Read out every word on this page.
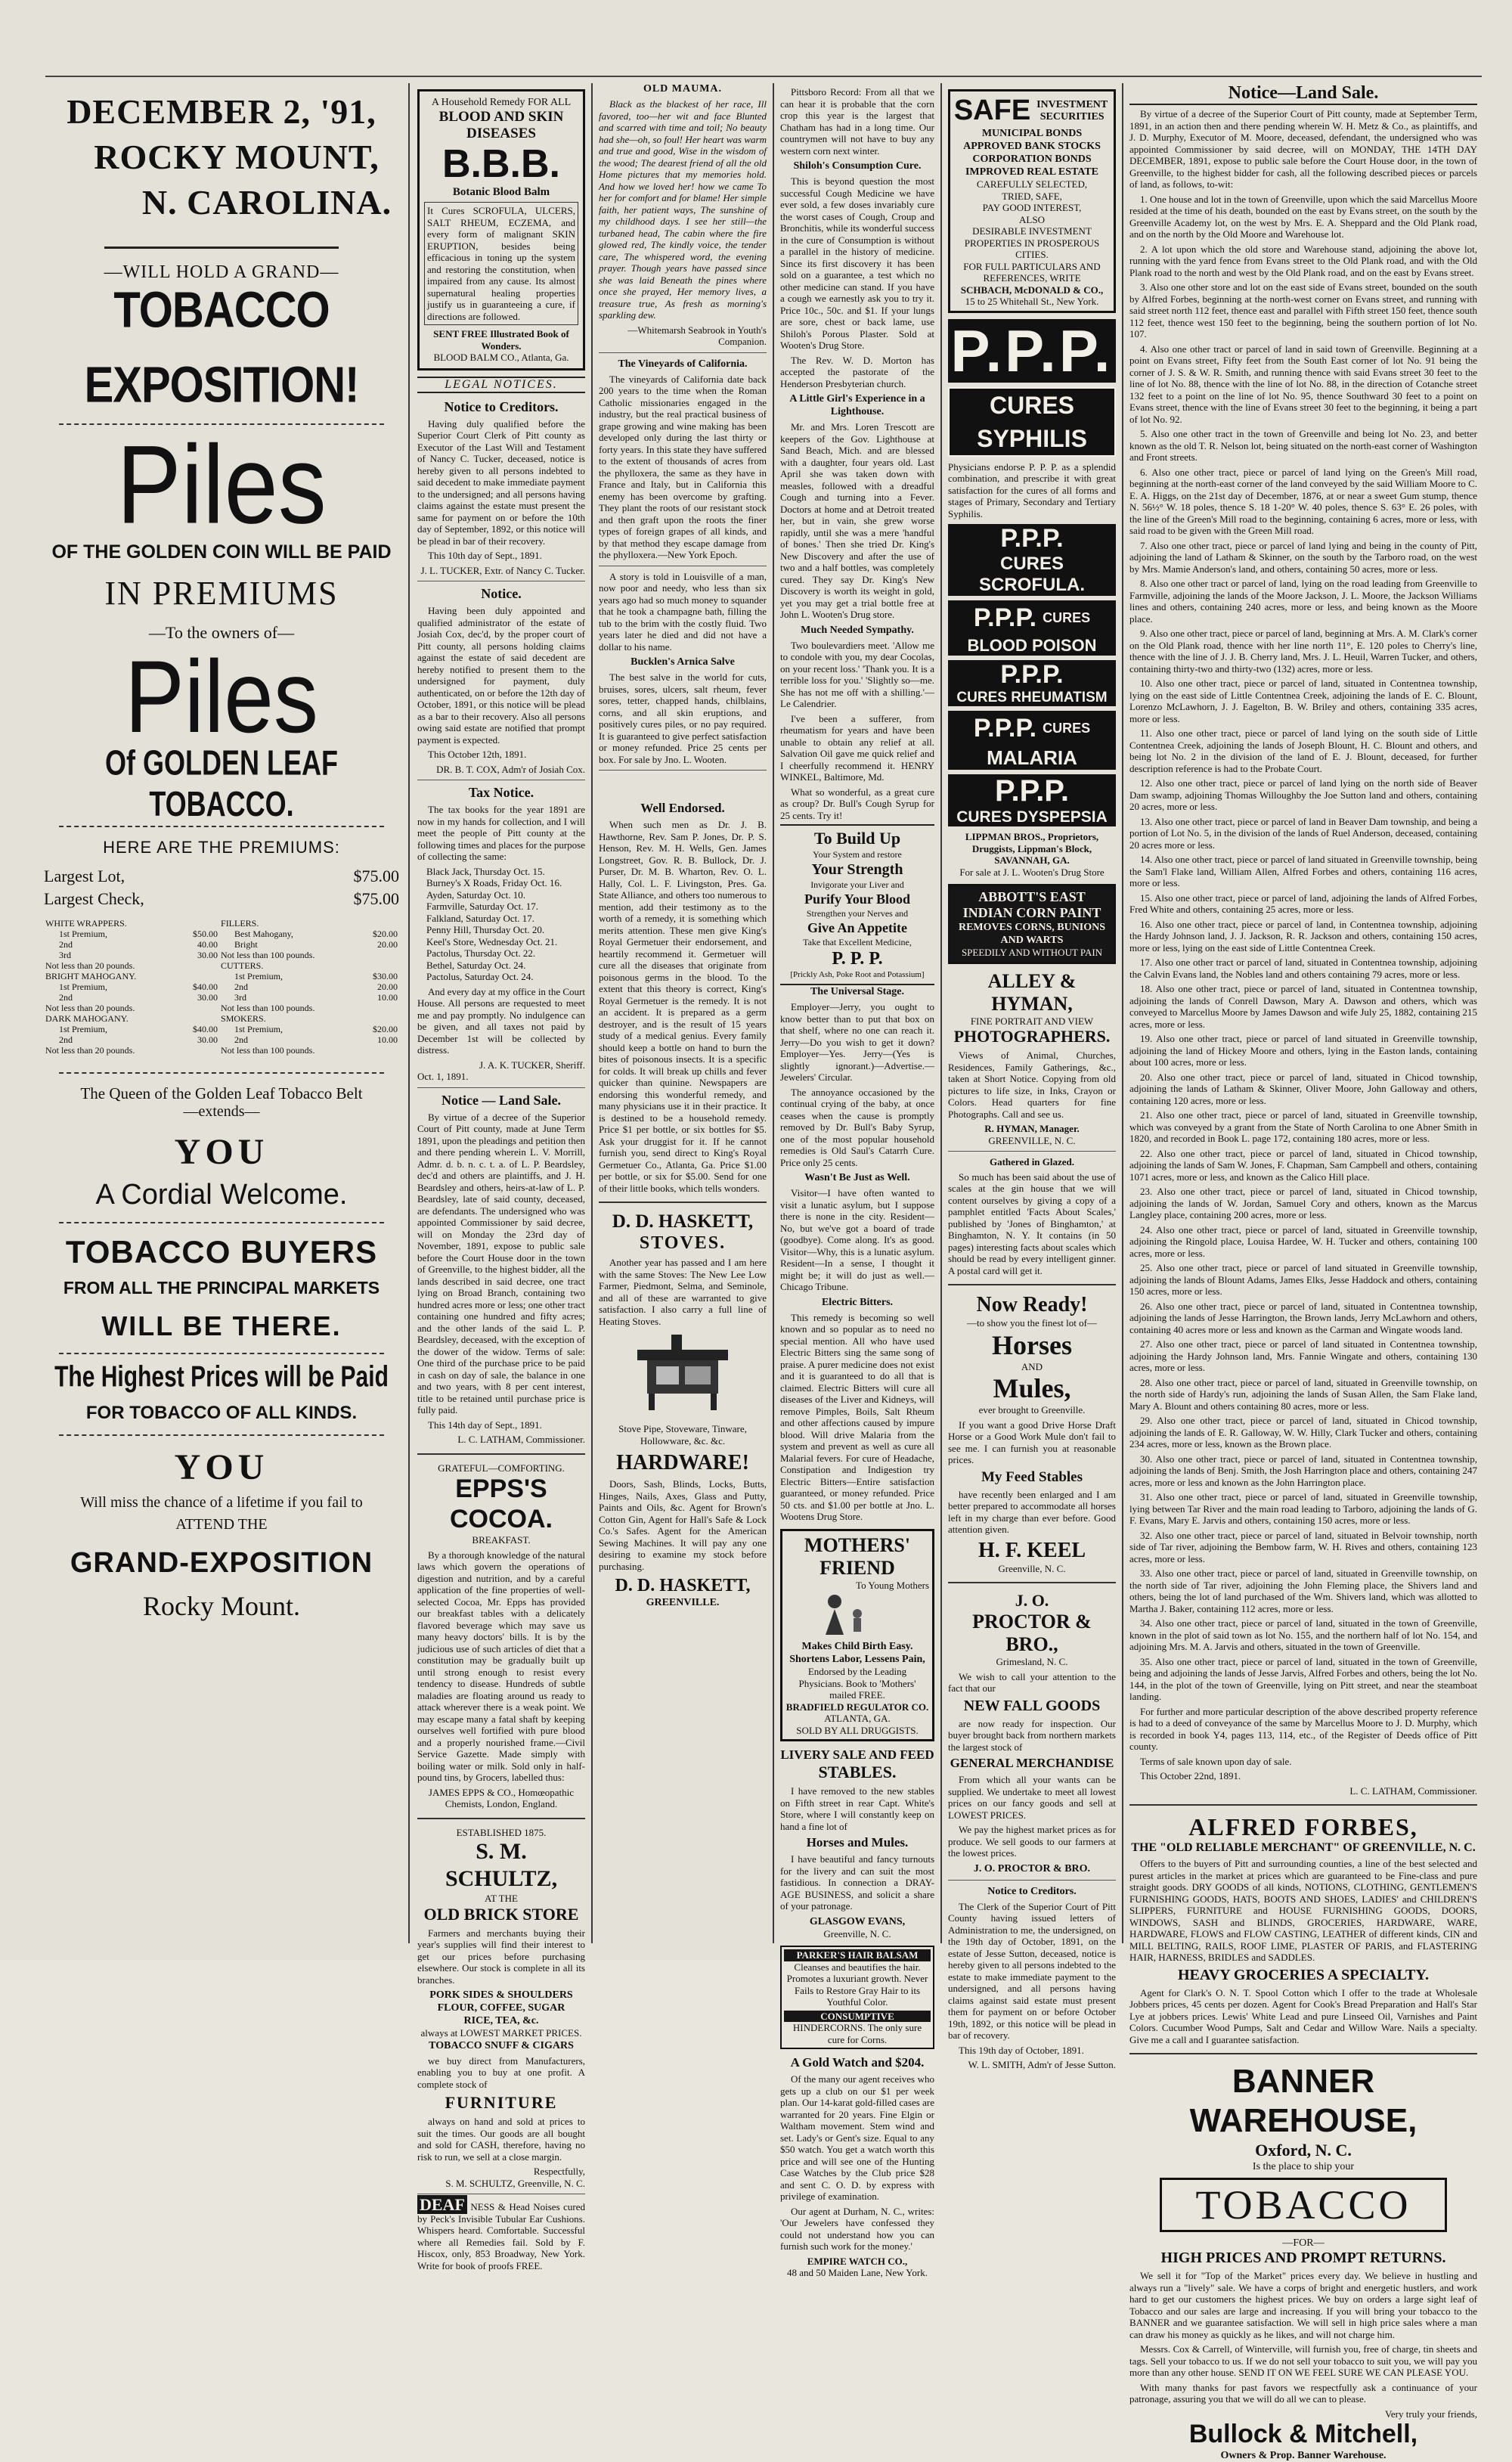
DECEMBER 2, '91,
ROCKY MOUNT,
N. CAROLINA.
—WILL HOLD A GRAND—
TOBACCO EXPOSITION!
Piles
OF THE GOLDEN COIN WILL BE PAID
IN PREMIUMS
—To the owners of—
Piles
Of GOLDEN LEAF TOBACCO.
HERE ARE THE PREMIUMS:
Largest Lot,	$75.00
Largest Check,	$75.00
WHITE WRAPPERS.		FILLERS.	
1st Premium,	$50.00	Best Mahogany,	$20.00
2nd	40.00	Bright	20.00
3rd	30.00	Not less than 100 pounds.	
Not less than 20 pounds.		CUTTERS.	
BRIGHT MAHOGANY.		1st Premium,	$30.00
1st Premium,	$40.00	2nd	20.00
2nd	30.00	3rd	10.00
Not less than 20 pounds.		Not less than 100 pounds.	
DARK MAHOGANY.		SMOKERS.	
1st Premium,	$40.00	1st Premium,	$20.00
2nd	30.00	2nd	10.00
Not less than 20 pounds.		Not less than 100 pounds.	
The Queen of the Golden Leaf Tobacco Belt
—extends—
YOU
A Cordial Welcome.
TOBACCO BUYERS
FROM ALL THE PRINCIPAL MARKETS
WILL BE THERE.
The Highest Prices will be Paid
FOR TOBACCO OF ALL KINDS.
YOU
Will miss the chance of a lifetime if you fail to
ATTEND THE
GRAND-EXPOSITION
Rocky Mount.
A Household Remedy FOR ALL
BLOOD AND SKIN DISEASES
B.B.B.
Botanic Blood Balm
It Cures SCROFULA, ULCERS, SALT RHEUM, ECZEMA, and every form of malignant SKIN ERUPTION, besides being efficacious in toning up the system and restoring the constitution, when impaired from any cause. Its almost supernatural healing properties justify us in guaranteeing a cure, if directions are followed.
SENT FREE Illustrated Book of Wonders.
BLOOD BALM CO., Atlanta, Ga.
LEGAL NOTICES.
Notice to Creditors.

Having duly qualified before the Superior Court Clerk of Pitt county as Executor of the Last Will and Testament of Nancy C. Tucker, deceased, notice is hereby given to all persons indebted to said decedent to make immediate payment to the undersigned; and all persons having claims against the estate must present the same for payment on or before the 10th day of September, 1892, or this notice will be plead in bar of their recovery.

This 10th day of Sept., 1891.

J. L. TUCKER, Extr. of Nancy C. Tucker.
Notice.

Having been duly appointed and qualified administrator of the estate of Josiah Cox, dec'd, by the proper court of Pitt county, all persons holding claims against the estate of said decedent are hereby notified to present them to the undersigned for payment, duly authenticated, on or before the 12th day of October, 1891, or this notice will be plead as a bar to their recovery. Also all persons owing said estate are notified that prompt payment is expected.

This October 12th, 1891.

DR. B. T. COX, Adm'r of Josiah Cox.
Tax Notice.

The tax books for the year 1891 are now in my hands for collection, and I will meet the people of Pitt county at the following times and places for the purpose of collecting the same:

Black Jack, Thursday Oct. 15.
Burney's X Roads, Friday Oct. 16.
Ayden, Saturday Oct. 10.
Farmville, Saturday Oct. 17.
Falkland, Saturday Oct. 17.
Penny Hill, Thursday Oct. 20.
Keel's Store, Wednesday Oct. 21.
Pactolus, Thursday Oct. 22.
Bethel, Saturday Oct. 24.
Pactolus, Saturday Oct. 24.

And every day at my office in the Court House. All persons are requested to meet me and pay promptly. No indulgence can be given, and all taxes not paid by December 1st will be collected by distress.

J. A. K. TUCKER, Sheriff.
Oct. 1, 1891.
Notice — Land Sale.

By virtue of a decree of the Superior Court of Pitt county, made at June Term 1891, upon the pleadings and petition then and there pending wherein L. V. Morrill, Admr. d. b. n. c. t. a. of L. P. Beardsley, dec'd and others are plaintiffs, and J. H. Beardsley and others, heirs-at-law of L. P. Beardsley, late of said county, deceased, are defendants. The undersigned who was appointed Commissioner by said decree, will on Monday the 23rd day of November, 1891, expose to public sale before the Court House door in the town of Greenville, to the highest bidder, all the lands described in said decree, one tract lying on Broad Branch, containing two hundred acres more or less; one other tract containing one hundred and fifty acres; and the other lands of the said L. P. Beardsley, deceased, with the exception of the dower of the widow. Terms of sale: One third of the purchase price to be paid in cash on day of sale, the balance in one and two years, with 8 per cent interest, title to be retained until purchase price is fully paid.

This 14th day of Sept., 1891.

L. C. LATHAM, Commissioner.
GRATEFUL—COMFORTING.
EPPS'S COCOA.
BREAKFAST.

By a thorough knowledge of the natural laws which govern the operations of digestion and nutrition, and by a careful application of the fine properties of well-selected Cocoa, Mr. Epps has provided our breakfast tables with a delicately flavored beverage which may save us many heavy doctors' bills. It is by the judicious use of such articles of diet that a constitution may be gradually built up until strong enough to resist every tendency to disease. Hundreds of subtle maladies are floating around us ready to attack wherever there is a weak point. We may escape many a fatal shaft by keeping ourselves well fortified with pure blood and a properly nourished frame.—Civil Service Gazette. Made simply with boiling water or milk. Sold only in half-pound tins, by Grocers, labelled thus:

JAMES EPPS & CO., Homœopathic Chemists, London, England.
ESTABLISHED 1875.
S. M. SCHULTZ,
AT THE
OLD BRICK STORE

Farmers and merchants buying their year's supplies will find their interest to get our prices before purchasing elsewhere. Our stock is complete in all its branches.

PORK SIDES & SHOULDERS
FLOUR, COFFEE, SUGAR
RICE, TEA, &c.
always at LOWEST MARKET PRICES.
TOBACCO SNUFF & CIGARS

we buy direct from Manufacturers, enabling you to buy at one profit. A complete stock of

FURNITURE

always on hand and sold at prices to suit the times. Our goods are all bought and sold for CASH, therefore, having no risk to run, we sell at a close margin.

Respectfully,
S. M. SCHULTZ, Greenville, N. C.
DEAF NESS & Head Noises cured by Peck's Invisible Tubular Ear Cushions. Whispers heard. Comfortable. Successful where all Remedies fail. Sold by F. Hiscox, only, 853 Broadway, New York. Write for book of proofs FREE.
OLD MAUMA.

Black as the blackest of her race, Ill favored, too—her wit and face Blunted and scarred with time and toil; No beauty had she—oh, so foul! Her heart was warm and true and good, Wise in the wisdom of the wood; The dearest friend of all the old Home pictures that my memories hold. And how we loved her! how we came To her for comfort and for blame! Her simple faith, her patient ways, The sunshine of my childhood days. I see her still—the turbaned head, The cabin where the fire glowed red, The kindly voice, the tender care, The whispered word, the evening prayer. Though years have passed since she was laid Beneath the pines where once she prayed, Her memory lives, a treasure true, As fresh as morning's sparkling dew.

—Whitemarsh Seabrook in Youth's Companion.
The Vineyards of California.

The vineyards of California date back 200 years to the time when the Roman Catholic missionaries engaged in the industry, but the real practical business of grape growing and wine making has been developed only during the last thirty or forty years. In this state they have suffered to the extent of thousands of acres from the phylloxera, the same as they have in France and Italy, but in California this enemy has been overcome by grafting. They plant the roots of our resistant stock and then graft upon the roots the finer types of foreign grapes of all kinds, and by that method they escape damage from the phylloxera.—New York Epoch.

A story is told in Louisville of a man, now poor and needy, who less than six years ago had so much money to squander that he took a champagne bath, filling the tub to the brim with the costly fluid. Two years later he died and did not have a dollar to his name.

Bucklen's Arnica Salve

The best salve in the world for cuts, bruises, sores, ulcers, salt rheum, fever sores, tetter, chapped hands, chilblains, corns, and all skin eruptions, and positively cures piles, or no pay required. It is guaranteed to give perfect satisfaction or money refunded. Price 25 cents per box. For sale by Jno. L. Wooten.

Well Endorsed.

When such men as Dr. J. B. Hawthorne, Rev. Sam P. Jones, Dr. P. S. Henson, Rev. M. H. Wells, Gen. James Longstreet, Gov. R. B. Bullock, Dr. J. Purser, Dr. M. B. Wharton, Rev. O. L. Hally, Col. L. F. Livingston, Pres. Ga. State Alliance, and others too numerous to mention, add their testimony as to the worth of a remedy, it is something which merits attention. These men give King's Royal Germetuer their endorsement, and heartily recommend it. Germetuer will cure all the diseases that originate from poisonous germs in the blood. To the extent that this theory is correct, King's Royal Germetuer is the remedy. It is not an accident. It is prepared as a germ destroyer, and is the result of 15 years study of a medical genius. Every family should keep a bottle on hand to burn the bites of poisonous insects. It is a specific for colds. It will break up chills and fever quicker than quinine. Newspapers are endorsing this wonderful remedy, and many physicians use it in their practice. It is destined to be a household remedy. Price $1 per bottle, or six bottles for $5. Ask your druggist for it. If he cannot furnish you, send direct to King's Royal Germetuer Co., Atlanta, Ga. Price $1.00 per bottle, or six for $5.00. Send for one of their little books, which tells wonders.

D. D. HASKETT,
STOVES.

Another year has passed and I am here with the same Stoves: The New Lee Low Farmer, Piedmont, Selma, and Seminole, and all of these are warranted to give satisfaction. I also carry a full line of Heating Stoves.

Stove Pipe, Stoveware, Tinware, Hollowware, &c. &c.
HARDWARE!

Doors, Sash, Blinds, Locks, Butts, Hinges, Nails, Axes, Glass and Putty, Paints and Oils, &c. Agent for Brown's Cotton Gin, Agent for Hall's Safe & Lock Co.'s Safes. Agent for the American Sewing Machines. It will pay any one desiring to examine my stock before purchasing.

D. D. HASKETT,
GREENVILLE.

Pittsboro Record: From all that we can hear it is probable that the corn crop this year is the largest that Chatham has had in a long time. Our countrymen will not have to buy any western corn next winter.

Shiloh's Consumption Cure.

This is beyond question the most successful Cough Medicine we have ever sold, a few doses invariably cure the worst cases of Cough, Croup and Bronchitis, while its wonderful success in the cure of Consumption is without a parallel in the history of medicine. Since its first discovery it has been sold on a guarantee, a test which no other medicine can stand. If you have a cough we earnestly ask you to try it. Price 10c., 50c. and $1. If your lungs are sore, chest or back lame, use Shiloh's Porous Plaster. Sold at Wooten's Drug Store.

The Rev. W. D. Morton has accepted the pastorate of the Henderson Presbyterian church.

A Little Girl's Experience in a Lighthouse.

Mr. and Mrs. Loren Trescott are keepers of the Gov. Lighthouse at Sand Beach, Mich. and are blessed with a daughter, four years old. Last April she was taken down with measles, followed with a dreadful Cough and turning into a Fever. Doctors at home and at Detroit treated her, but in vain, she grew worse rapidly, until she was a mere 'handful of bones.' Then she tried Dr. King's New Discovery and after the use of two and a half bottles, was completely cured. They say Dr. King's New Discovery is worth its weight in gold, yet you may get a trial bottle free at John L. Wooten's Drug store.

Much Needed Sympathy.

Two boulevardiers meet. 'Allow me to condole with you, my dear Cocolas, on your recent loss.' 'Thank you. It is a terrible loss for you.' 'Slightly so—me. She has not me off with a shilling.'—Le Calendrier.

I've been a sufferer, from rheumatism for years and have been unable to obtain any relief at all. Salvation Oil gave me quick relief and I cheerfully recommend it. HENRY WINKEL, Baltimore, Md.

What so wonderful, as a great cure as croup? Dr. Bull's Cough Syrup for 25 cents. Try it!

To Build Up
Your System and restore
Your Strength
Invigorate your Liver and
Purify Your Blood
Strengthen your Nerves and
Give An Appetite
Take that Excellent Medicine,
P. P. P.
[Prickly Ash, Poke Root and Potassium]
The Universal Stage.

Employer—Jerry, you ought to know better than to put that box on that shelf, where no one can reach it. Jerry—Do you wish to get it down? Employer—Yes. Jerry—(Yes is slightly ignorant.)—Advertise.—Jewelers' Circular.

The annoyance occasioned by the continual crying of the baby, at once ceases when the cause is promptly removed by Dr. Bull's Baby Syrup, one of the most popular household remedies is Old Saul's Catarrh Cure. Price only 25 cents.

Wasn't Be Just as Well.

Visitor—I have often wanted to visit a lunatic asylum, but I suppose there is none in the city. Resident—No, but we've got a board of trade (goodbye). Come along. It's as good. Visitor—Why, this is a lunatic asylum. Resident—In a sense, I thought it might be; it will do just as well.—Chicago Tribune.

Electric Bitters.

This remedy is becoming so well known and so popular as to need no special mention. All who have used Electric Bitters sing the same song of praise. A purer medicine does not exist and it is guaranteed to do all that is claimed. Electric Bitters will cure all diseases of the Liver and Kidneys, will remove Pimples, Boils, Salt Rheum and other affections caused by impure blood. Will drive Malaria from the system and prevent as well as cure all Malarial fevers. For cure of Headache, Constipation and Indigestion try Electric Bitters—Entire satisfaction guaranteed, or money refunded. Price 50 cts. and $1.00 per bottle at Jno. L. Wootens Drug Store.

MOTHERS' FRIEND
To Young Mothers
Makes Child Birth Easy.
Shortens Labor, Lessens Pain,
Endorsed by the Leading Physicians. Book to 'Mothers' mailed FREE.
BRADFIELD REGULATOR CO.
ATLANTA, GA.
SOLD BY ALL DRUGGISTS.
LIVERY SALE AND FEED
STABLES.

I have removed to the new stables on Fifth street in rear Capt. White's Store, where I will constantly keep on hand a fine lot of

Horses and Mules.

I have beautiful and fancy turnouts for the livery and can suit the most fastidious. In connection a DRAY-AGE BUSINESS, and solicit a share of your patronage.

GLASGOW EVANS,
Greenville, N. C.
PARKER'S HAIR BALSAM
Cleanses and beautifies the hair. Promotes a luxuriant growth. Never Fails to Restore Gray Hair to its Youthful Color.
CONSUMPTIVE
HINDERCORNS. The only sure cure for Corns.
A Gold Watch and $204.

Of the many our agent receives who gets up a club on our $1 per week plan. Our 14-karat gold-filled cases are warranted for 20 years. Fine Elgin or Waltham movement. Stem wind and set. Lady's or Gent's size. Equal to any $50 watch. You get a watch worth this price and will see one of the Hunting Case Watches by the Club price $28 and sent C. O. D. by express with privilege of examination.

Our agent at Durham, N. C., writes: 'Our Jewelers have confessed they could not understand how you can furnish such work for the money.'

EMPIRE WATCH CO.,
48 and 50 Maiden Lane, New York.
SAFE INVESTMENT SECURITIES
MUNICIPAL BONDS
APPROVED BANK STOCKS
CORPORATION BONDS
IMPROVED REAL ESTATE
CAREFULLY SELECTED,
TRIED, SAFE,
PAY GOOD INTEREST,
ALSO
DESIRABLE INVESTMENT PROPERTIES IN PROSPEROUS CITIES.
FOR FULL PARTICULARS AND REFERENCES, WRITE
SCHBACH, McDONALD & CO.,
15 to 25 Whitehall St., New York.
P.P.P.
CURES SYPHILIS
Physicians endorse P. P. P. as a splendid combination, and prescribe it with great satisfaction for the cures of all forms and stages of Primary, Secondary and Tertiary Syphilis.
P.P.P.
CURES SCROFULA.
P.P.P. CURES
BLOOD POISON
P.P.P.
CURES RHEUMATISM
P.P.P. CURES
MALARIA
P.P.P.
CURES DYSPEPSIA
LIPPMAN BROS., Proprietors, Druggists, Lippman's Block, SAVANNAH, GA.
For sale at J. L. Wooten's Drug Store
ABBOTT'S EAST INDIAN CORN PAINT
REMOVES CORNS, BUNIONS AND WARTS
SPEEDILY AND WITHOUT PAIN
ALLEY & HYMAN,
FINE PORTRAIT AND VIEW
PHOTOGRAPHERS.

Views of Animal, Churches, Residences, Family Gatherings, &c., taken at Short Notice. Copying from old pictures to life size, in Inks, Crayon or Colors. Head quarters for fine Photographs. Call and see us.

R. HYMAN, Manager.
GREENVILLE, N. C.
Gathered in Glazed.

So much has been said about the use of scales at the gin house that we will content ourselves by giving a copy of a pamphlet entitled 'Facts About Scales,' published by 'Jones of Binghamton,' at Binghamton, N. Y. It contains (in 50 pages) interesting facts about scales which should be read by every intelligent ginner. A postal card will get it.

Now Ready!
—to show you the finest lot of—
Horses
AND
Mules,
ever brought to Greenville.

If you want a good Drive Horse Draft Horse or a Good Work Mule don't fail to see me. I can furnish you at reasonable prices.

My Feed Stables

have recently been enlarged and I am better prepared to accommodate all horses left in my charge than ever before. Good attention given.

H. F. KEEL
Greenville, N. C.
J. O.
PROCTOR & BRO.,
Grimesland, N. C.

We wish to call your attention to the fact that our

NEW FALL GOODS

are now ready for inspection. Our buyer brought back from northern markets the largest stock of

GENERAL MERCHANDISE

From which all your wants can be supplied. We undertake to meet all lowest prices on our fancy goods and sell at LOWEST PRICES.

We pay the highest market prices as for produce. We sell goods to our farmers at the lowest prices.

J. O. PROCTOR & BRO.
Notice to Creditors.

The Clerk of the Superior Court of Pitt County having issued letters of Administration to me, the undersigned, on the 19th day of October, 1891, on the estate of Jesse Sutton, deceased, notice is hereby given to all persons indebted to the estate to make immediate payment to the undersigned, and all persons having claims against said estate must present them for payment on or before October 19th, 1892, or this notice will be plead in bar of recovery.

This 19th day of October, 1891.

W. L. SMITH, Adm'r of Jesse Sutton.
Notice—Land Sale.

By virtue of a decree of the Superior Court of Pitt county, made at September Term, 1891, in an action then and there pending wherein W. H. Metz & Co., as plaintiffs, and J. D. Murphy, Executor of M. Moore, deceased, defendant, the undersigned who was appointed Commissioner by said decree, will on MONDAY, THE 14TH DAY DECEMBER, 1891, expose to public sale before the Court House door, in the town of Greenville, to the highest bidder for cash, all the following described pieces or parcels of land, as follows, to-wit:

1. One house and lot in the town of Greenville, upon which the said Marcellus Moore resided at the time of his death, bounded on the east by Evans street, on the south by the Greenville Academy lot, on the west by Mrs. E. A. Sheppard and the Old Plank road, and on the north by the Old Moore and Warehouse lot.

2. A lot upon which the old store and Warehouse stand, adjoining the above lot, running with the yard fence from Evans street to the Old Plank road, and with the Old Plank road to the north and west by the Old Plank road, and on the east by Evans street.

3. Also one other store and lot on the east side of Evans street, bounded on the south by Alfred Forbes, beginning at the north-west corner on Evans street, and running with said street north 112 feet, thence east and parallel with Fifth street 150 feet, thence south 112 feet, thence west 150 feet to the beginning, being the southern portion of lot No. 107.

4. Also one other tract or parcel of land in said town of Greenville. Beginning at a point on Evans street, Fifty feet from the South East corner of lot No. 91 being the corner of J. S. & W. R. Smith, and running thence with said Evans street 30 feet to the line of lot No. 88, thence with the line of lot No. 88, in the direction of Cotanche street 132 feet to a point on the line of lot No. 95, thence Southward 30 feet to a point on Evans street, thence with the line of Evans street 30 feet to the beginning, it being a part of lot No. 92.

5. Also one other tract in the town of Greenville and being lot No. 23, and better known as the old T. R. Nelson lot, being situated on the north-east corner of Washington and Front streets.

6. Also one other tract, piece or parcel of land lying on the Green's Mill road, beginning at the north-east corner of the land conveyed by the said William Moore to C. E. A. Higgs, on the 21st day of December, 1876, at or near a sweet Gum stump, thence N. 56½° W. 18 poles, thence S. 18 1-20° W. 40 poles, thence S. 63° E. 26 poles, with the line of the Green's Mill road to the beginning, containing 6 acres, more or less, with said road to be given with the Green Mill road.

7. Also one other tract, piece or parcel of land lying and being in the county of Pitt, adjoining the land of Latham & Skinner, on the south by the Tarboro road, on the west by Mrs. Mamie Anderson's land, and others, containing 50 acres, more or less.

8. Also one other tract or parcel of land, lying on the road leading from Greenville to Farmville, adjoining the lands of the Moore Jackson, J. L. Moore, the Jackson Williams lines and others, containing 240 acres, more or less, and being known as the Moore place.

9. Also one other tract, piece or parcel of land, beginning at Mrs. A. M. Clark's corner on the Old Plank road, thence with her line north 11°, E. 120 poles to Cherry's line, thence with the line of J. J. B. Cherry land, Mrs. J. L. Heuil, Warren Tucker, and others, containing thirty-two and thirty-two (132) acres, more or less.

10. Also one other tract, piece or parcel of land, situated in Contentnea township, lying on the east side of Little Contentnea Creek, adjoining the lands of E. C. Blount, Lorenzo McLawhorn, J. J. Eagelton, B. W. Briley and others, containing 335 acres, more or less.

11. Also one other tract, piece or parcel of land lying on the south side of Little Contentnea Creek, adjoining the lands of Joseph Blount, H. C. Blount and others, and being lot No. 2 in the division of the land of E. J. Blount, deceased, for further description reference is had to the Probate Court.

12. Also one other tract, piece or parcel of land lying on the north side of Beaver Dam swamp, adjoining Thomas Willoughby the Joe Sutton land and others, containing 20 acres, more or less.

13. Also one other tract, piece or parcel of land in Beaver Dam township, and being a portion of Lot No. 5, in the division of the lands of Ruel Anderson, deceased, containing 20 acres more or less.

14. Also one other tract, piece or parcel of land situated in Greenville township, being the Sam'l Flake land, William Allen, Alfred Forbes and others, containing 116 acres, more or less.

15. Also one other tract, piece or parcel of land, adjoining the lands of Alfred Forbes, Fred White and others, containing 25 acres, more or less.

16. Also one other tract, piece or parcel of land, in Contentnea township, adjoining the Hardy Johnson land, J. J. Jackson, R. R. Jackson and others, containing 150 acres, more or less, lying on the east side of Little Contentnea Creek.

17. Also one other tract or parcel of land, situated in Contentnea township, adjoining the Calvin Evans land, the Nobles land and others containing 79 acres, more or less.

18. Also one other tract, piece or parcel of land, situated in Contentnea township, adjoining the lands of Conrell Dawson, Mary A. Dawson and others, which was conveyed to Marcellus Moore by James Dawson and wife July 25, 1882, containing 215 acres, more or less.

19. Also one other tract, piece or parcel of land situated in Greenville township, adjoining the land of Hickey Moore and others, lying in the Easton lands, containing about 100 acres, more or less.

20. Also one other tract, piece or parcel of land, situated in Chicod township, adjoining the lands of Latham & Skinner, Oliver Moore, John Galloway and others, containing 120 acres, more or less.

21. Also one other tract, piece or parcel of land, situated in Greenville township, which was conveyed by a grant from the State of North Carolina to one Abner Smith in 1820, and recorded in Book L. page 172, containing 180 acres, more or less.

22. Also one other tract, piece or parcel of land, situated in Chicod township, adjoining the lands of Sam W. Jones, F. Chapman, Sam Campbell and others, containing 1071 acres, more or less, and known as the Calico Hill place.

23. Also one other tract, piece or parcel of land, situated in Chicod township, adjoining the lands of W. Jordan, Samuel Cory and others, known as the Marcus Langley place, containing 200 acres, more or less.

24. Also one other tract, piece or parcel of land, situated in Greenville township, adjoining the Ringold place, Louisa Hardee, W. H. Tucker and others, containing 100 acres, more or less.

25. Also one other tract, piece or parcel of land situated in Greenville township, adjoining the lands of Blount Adams, James Elks, Jesse Haddock and others, containing 150 acres, more or less.

26. Also one other tract, piece or parcel of land, situated in Contentnea township, adjoining the lands of Jesse Harrington, the Brown lands, Jerry McLawhorn and others, containing 40 acres more or less and known as the Carman and Wingate woods land.

27. Also one other tract, piece or parcel of land situated in Contentnea township, adjoining the Hardy Johnson land, Mrs. Fannie Wingate and others, containing 130 acres, more or less.

28. Also one other tract, piece or parcel of land, situated in Greenville township, on the north side of Hardy's run, adjoining the lands of Susan Allen, the Sam Flake land, Mary A. Blount and others containing 80 acres, more or less.

29. Also one other tract, piece or parcel of land, situated in Chicod township, adjoining the lands of E. R. Galloway, W. W. Hilly, Clark Tucker and others, containing 234 acres, more or less, known as the Brown place.

30. Also one other tract, piece or parcel of land, situated in Contentnea township, adjoining the lands of Benj. Smith, the Josh Harrington place and others, containing 247 acres, more or less and known as the John Harrington place.

31. Also one other tract, piece or parcel of land, situated in Greenville township, lying between Tar River and the main road leading to Tarboro, adjoining the lands of G. F. Evans, Mary E. Jarvis and others, containing 150 acres, more or less.

32. Also one other tract, piece or parcel of land, situated in Belvoir township, north side of Tar river, adjoining the Bembow farm, W. H. Rives and others, containing 123 acres, more or less.

33. Also one other tract, piece or parcel of land, situated in Greenville township, on the north side of Tar river, adjoining the John Fleming place, the Shivers land and others, being the lot of land purchased of the Wm. Shivers land, which was allotted to Martha J. Baker, containing 112 acres, more or less.

34. Also one other tract, piece or parcel of land, situated in the town of Greenville, known in the plot of said town as lot No. 155, and the northern half of lot No. 154, and adjoining Mrs. M. A. Jarvis and others, situated in the town of Greenville.

35. Also one other tract, piece or parcel of land, situated in the town of Greenville, being and adjoining the lands of Jesse Jarvis, Alfred Forbes and others, being the lot No. 144, in the plot of the town of Greenville, lying on Pitt street, and near the steamboat landing.

For further and more particular description of the above described property reference is had to a deed of conveyance of the same by Marcellus Moore to J. D. Murphy, which is recorded in book Y4, pages 113, 114, etc., of the Register of Deeds office of Pitt county.

Terms of sale known upon day of sale.

This October 22nd, 1891.

L. C. LATHAM, Commissioner.
ALFRED FORBES,
THE "OLD RELIABLE MERCHANT" OF GREENVILLE, N. C.

Offers to the buyers of Pitt and surrounding counties, a line of the best selected and purest articles in the market at prices which are guaranteed to be Fine-class and pure straight goods. DRY GOODS of all kinds, NOTIONS, CLOTHING, GENTLEMEN'S FURNISHING GOODS, HATS, BOOTS AND SHOES, LADIES' and CHILDREN'S SLIPPERS, FURNITURE and HOUSE FURNISHING GOODS, DOORS, WINDOWS, SASH and BLINDS, GROCERIES, HARDWARE, WARE, HARDWARE, FLOWS and FLOW CASTING, LEATHER of different kinds, CIN and MILL BELTING, RAILS, ROOF LIME, PLASTER OF PARIS, and FLASTERING HAIR, HARNESS, BRIDLES and SADDLES.

HEAVY GROCERIES A SPECIALTY.

Agent for Clark's O. N. T. Spool Cotton which I offer to the trade at Wholesale Jobbers prices, 45 cents per dozen. Agent for Cook's Bread Preparation and Hall's Star Lye at jobbers prices. Lewis' White Lead and pure Linseed Oil, Varnishes and Paint Colors. Cucumber Wood Pumps, Salt and Cedar and Willow Ware. Nails a specialty. Give me a call and I guarantee satisfaction.

BANNER WAREHOUSE,
Oxford, N. C.
Is the place to ship your
TOBACCO
—FOR—
HIGH PRICES AND PROMPT RETURNS.

We sell it for "Top of the Market" prices every day. We believe in hustling and always run a "lively" sale. We have a corps of bright and energetic hustlers, and work hard to get our customers the highest prices. We buy on orders a large sight leaf of Tobacco and our sales are large and increasing. If you will bring your tobacco to the BANNER and we guarantee satisfaction. We will sell in high price sales where a man can draw his money as quickly as he likes, and will not charge him.

Messrs. Cox & Carrell, of Winterville, will furnish you, free of charge, tin sheets and tags. Sell your tobacco to us. If we do not sell your tobacco to suit you, we will pay you more than any other house. SEND IT ON WE FEEL SURE WE CAN PLEASE YOU.

With many thanks for past favors we respectfully ask a continuance of your patronage, assuring you that we will do all we can to please.

Very truly your friends,
Bullock & Mitchell,
Owners & Prop. Banner Warehouse.
